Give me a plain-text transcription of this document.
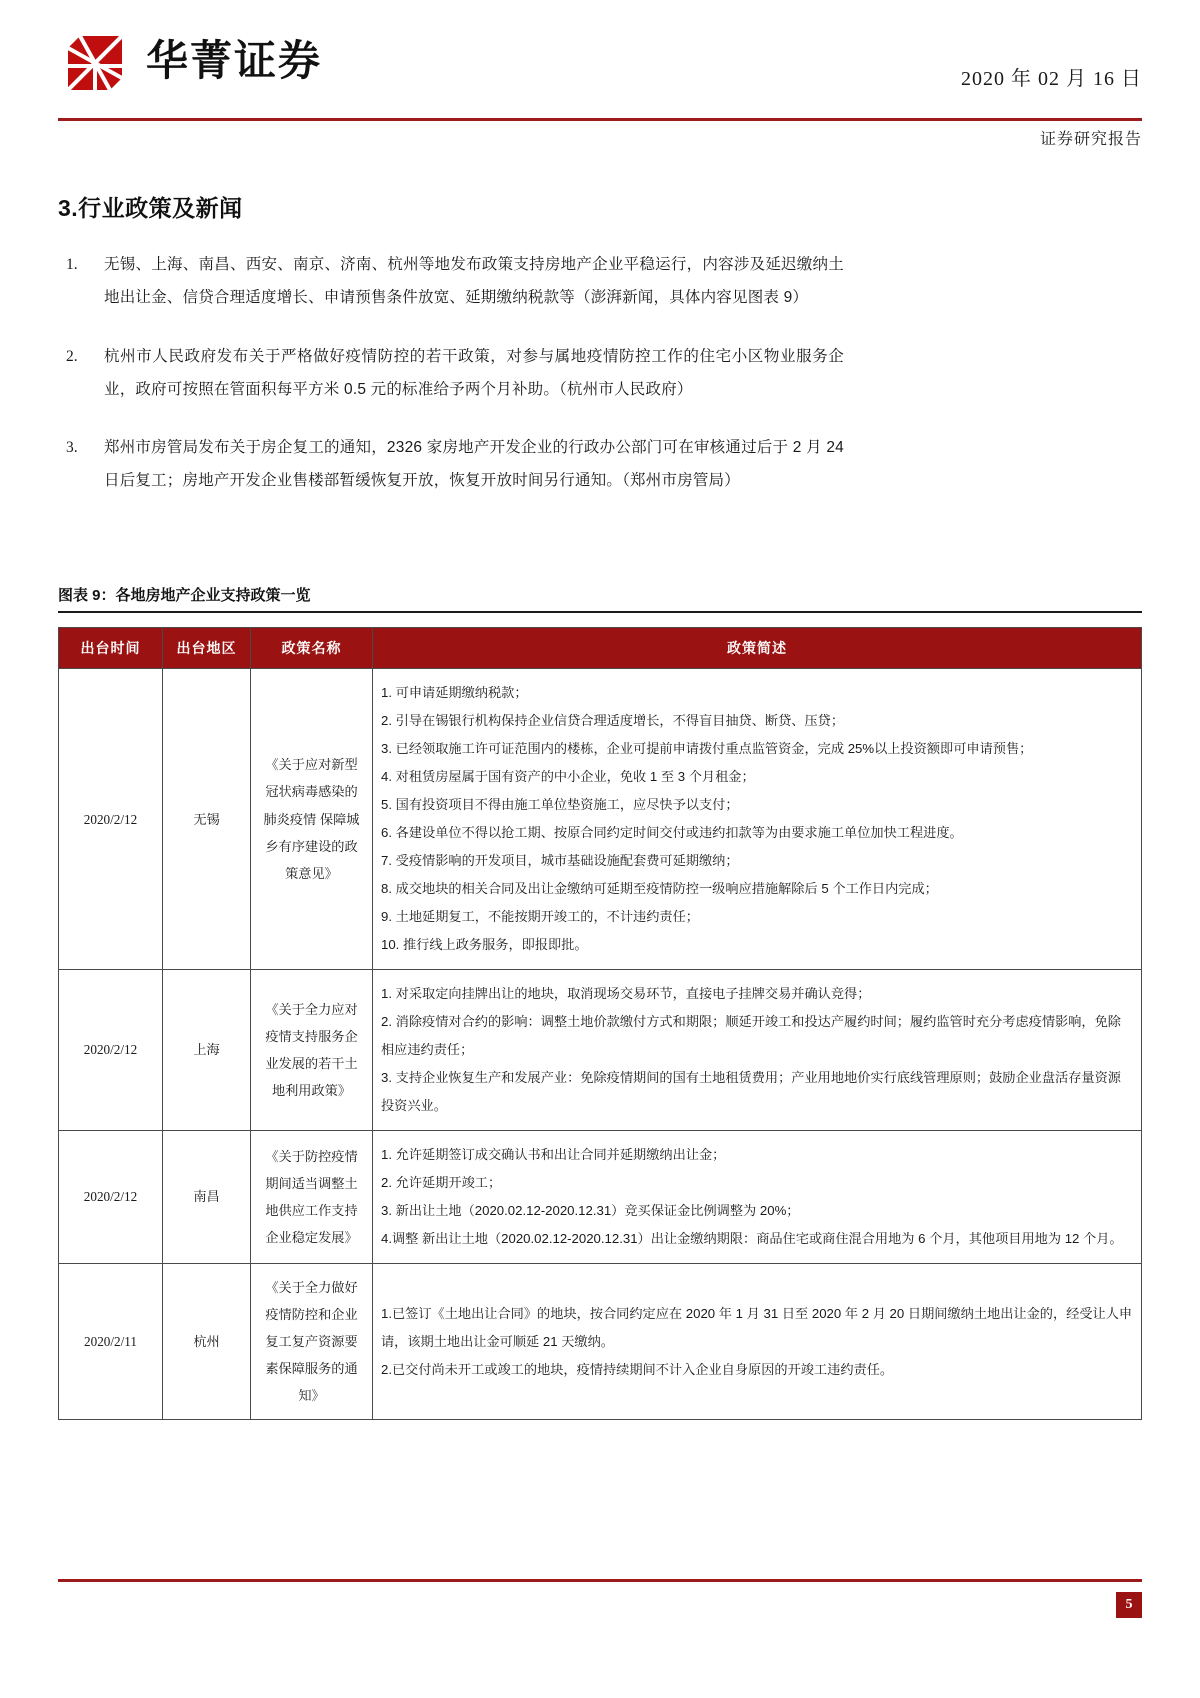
华菁证券	2020 年 02 月 16 日
证券研究报告
3.行业政策及新闻
1.	无锡、上海、南昌、西安、南京、济南、杭州等地发布政策支持房地产企业平稳运行，内容涉及延迟缴纳土地出让金、信贷合理适度增长、申请预售条件放宽、延期缴纳税款等（澎湃新闻，具体内容见图表 9）
2.	杭州市人民政府发布关于严格做好疫情防控的若干政策，对参与属地疫情防控工作的住宅小区物业服务企业，政府可按照在管面积每平方米 0.5 元的标准给予两个月补助。（杭州市人民政府）
3.	郑州市房管局发布关于房企复工的通知，2326 家房地产开发企业的行政办公部门可在审核通过后于 2 月 24 日后复工；房地产开发企业售楼部暂缓恢复开放，恢复开放时间另行通知。（郑州市房管局）
图表 9：各地房地产企业支持政策一览
出台时间	出台地区	政策名称	政策简述
2020/2/12	无锡	《关于应对新型冠状病毒感染的肺炎疫情 保障城乡有序建设的政策意见》	
1. 可申请延期缴纳税款；
2. 引导在锡银行机构保持企业信贷合理适度增长，不得盲目抽贷、断贷、压贷；
3. 已经领取施工许可证范围内的楼栋，企业可提前申请拨付重点监管资金，完成 25%以上投资额即可申请预售；
4. 对租赁房屋属于国有资产的中小企业，免收 1 至 3 个月租金；
5. 国有投资项目不得由施工单位垫资施工，应尽快予以支付；
6. 各建设单位不得以抢工期、按原合同约定时间交付或违约扣款等为由要求施工单位加快工程进度。
7. 受疫情影响的开发项目，城市基础设施配套费可延期缴纳；
8. 成交地块的相关合同及出让金缴纳可延期至疫情防控一级响应措施解除后 5 个工作日内完成；
9. 土地延期复工，不能按期开竣工的，不计违约责任；
10. 推行线上政务服务，即报即批。

2020/2/12	上海	《关于全力应对疫情支持服务企业发展的若干土地利用政策》	1. 对采取定向挂牌出让的地块，取消现场交易环节，直接电子挂牌交易并确认竞得；
2. 消除疫情对合约的影响：调整土地价款缴付方式和期限；顺延开竣工和投达产履约时间；履约监管时充分考虑疫情影响，免除相应违约责任；
3. 支持企业恢复生产和发展产业：免除疫情期间的国有土地租赁费用；产业用地地价实行底线管理原则；鼓励企业盘活存量资源投资兴业。

2020/2/12	南昌	《关于防控疫情期间适当调整土地供应工作支持企业稳定发展》	1. 允许延期签订成交确认书和出让合同并延期缴纳出让金；
2. 允许延期开竣工；
3. 新出让土地（2020.02.12-2020.12.31）竞买保证金比例调整为 20%；
4.调整 新出让土地（2020.02.12-2020.12.31）出让金缴纳期限：商品住宅或商住混合用地为 6 个月，其他项目用地为 12 个月。

2020/2/11	杭州	《关于全力做好疫情防控和企业复工复产资源要素保障服务的通知》	1.已签订《土地出让合同》的地块，按合同约定应在 2020 年 1 月 31 日至 2020 年 2 月 20 日期间缴纳土地出让金的，经受让人申请，该期土地出让金可顺延 21 天缴纳。
2.已交付尚未开工或竣工的地块，疫情持续期间不计入企业自身原因的开竣工违约责任。
5
